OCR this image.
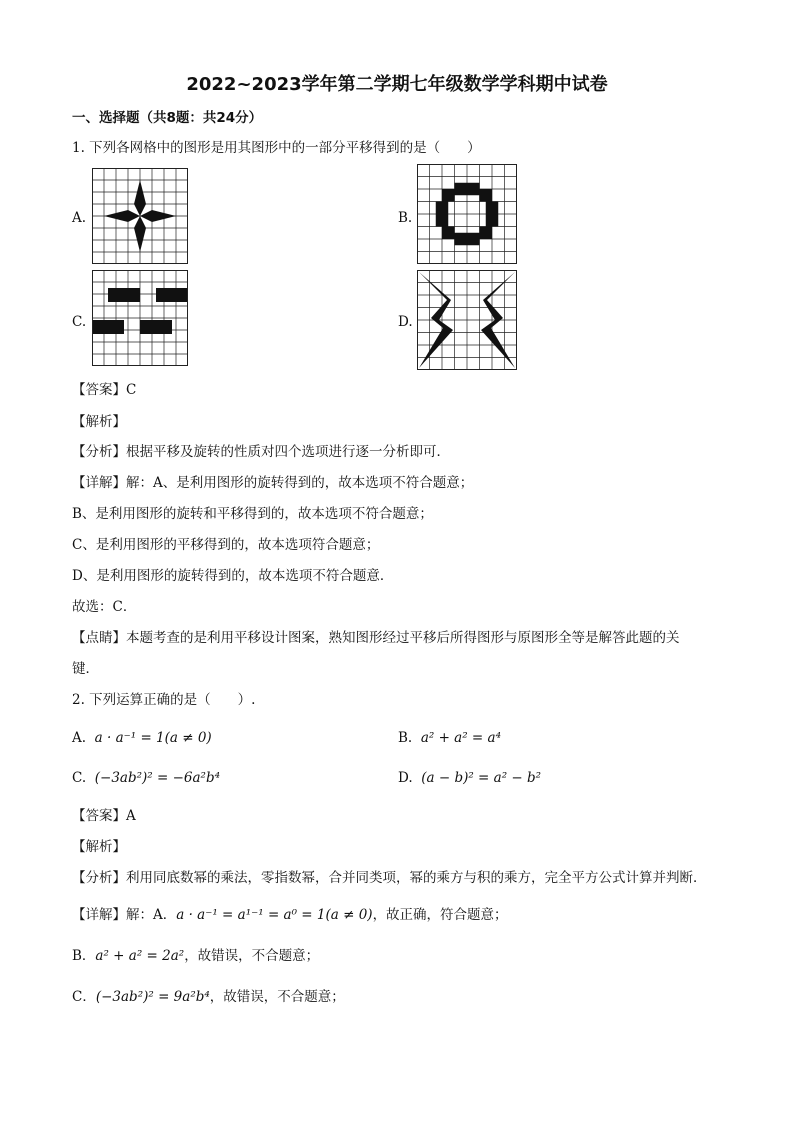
2022~2023学年第二学期七年级数学学科期中试卷
一、选择题（共8题：共24分）
1. 下列各网格中的图形是用其图形中的一部分平移得到的是（　　）
A.	B.
C.	D.
【答案】C
【解析】
【分析】根据平移及旋转的性质对四个选项进行逐一分析即可．
【详解】解：A、是利用图形的旋转得到的，故本选项不符合题意；
B、是利用图形的旋转和平移得到的，故本选项不符合题意；
C、是利用图形的平移得到的，故本选项符合题意；
D、是利用图形的旋转得到的，故本选项不符合题意．
故选：C．
【点睛】本题考查的是利用平移设计图案，熟知图形经过平移后所得图形与原图形全等是解答此题的关
键．
2. 下列运算正确的是（　　）.
A. a · a⁻¹ = 1(a ≠ 0)	B. a² + a² = a⁴
C. (−3ab²)² = −6a²b⁴	D. (a − b)² = a² − b²
【答案】A
【解析】
【分析】利用同底数幂的乘法，零指数幂，合并同类项，幂的乘方与积的乘方，完全平方公式计算并判断．
【详解】解：A．a · a⁻¹ = a¹⁻¹ = a⁰ = 1(a ≠ 0)，故正确，符合题意；
B．a² + a² = 2a²，故错误，不合题意；
C．(−3ab²)² = 9a²b⁴，故错误，不合题意；
